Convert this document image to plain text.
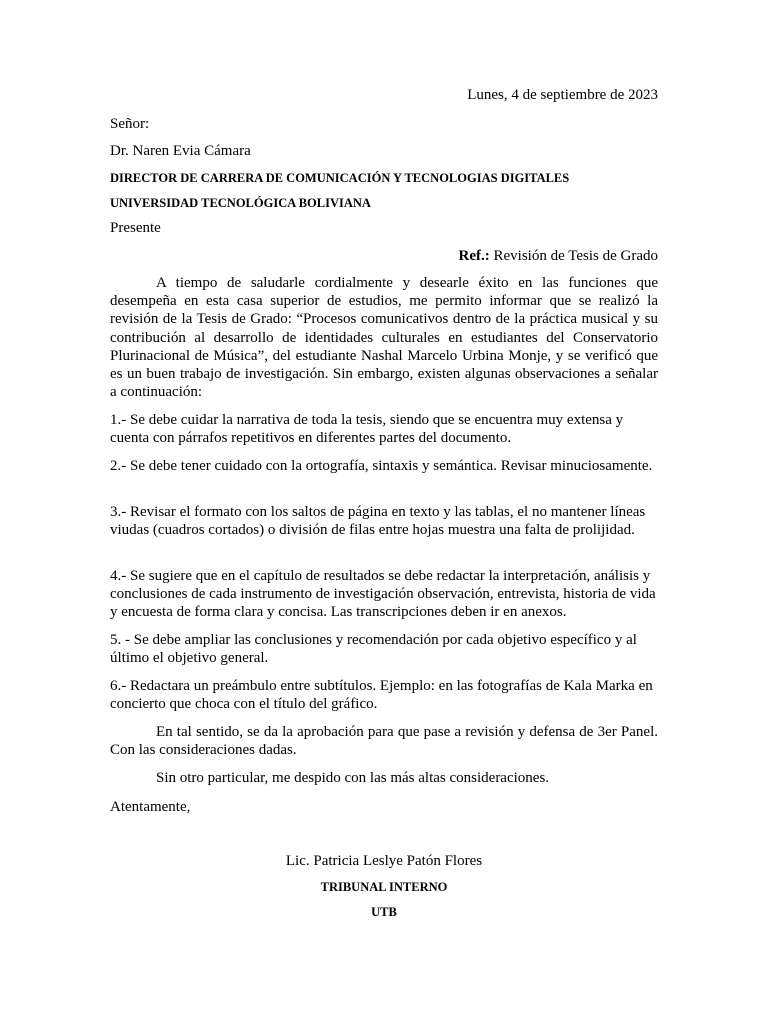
Lunes, 4 de septiembre de 2023
Señor:
Dr. Naren Evia Cámara
DIRECTOR DE CARRERA DE COMUNICACIÓN Y TECNOLOGIAS DIGITALES
UNIVERSIDAD TECNOLÓGICA BOLIVIANA
Presente
Ref.: Revisión de Tesis de Grado
A tiempo de saludarle cordialmente y desearle éxito en las funciones que desempeña en esta casa superior de estudios, me permito informar que se realizó la revisión de la Tesis de Grado: “Procesos comunicativos dentro de la práctica musical y su contribución al desarrollo de identidades culturales en estudiantes del Conservatorio Plurinacional de Música”, del estudiante Nashal Marcelo Urbina Monje, y se verificó que es un buen trabajo de investigación. Sin embargo, existen algunas observaciones a señalar a continuación:
1.- Se debe cuidar la narrativa de toda la tesis, siendo que se encuentra muy extensa y cuenta con párrafos repetitivos en diferentes partes del documento.
2.- Se debe tener cuidado con la ortografía, sintaxis y semántica. Revisar minuciosamente.
3.- Revisar el formato con los saltos de página en texto y las tablas, el no mantener líneas viudas (cuadros cortados) o división de filas entre hojas muestra una falta de prolijidad.
4.- Se sugiere que en el capítulo de resultados se debe redactar la interpretación, análisis y conclusiones de cada instrumento de investigación observación, entrevista, historia de vida y encuesta de forma clara y concisa. Las transcripciones deben ir en anexos.
5. - Se debe ampliar las conclusiones y recomendación por cada objetivo específico y al último el objetivo general.
6.- Redactara un preámbulo entre subtítulos. Ejemplo: en las fotografías de Kala Marka en concierto que choca con el título del gráfico.
En tal sentido, se da la aprobación para que pase a revisión y defensa de 3er Panel. Con las consideraciones dadas.
Sin otro particular, me despido con las más altas consideraciones.
Atentamente,
Lic. Patricia Leslye Patón Flores
TRIBUNAL INTERNO
UTB
